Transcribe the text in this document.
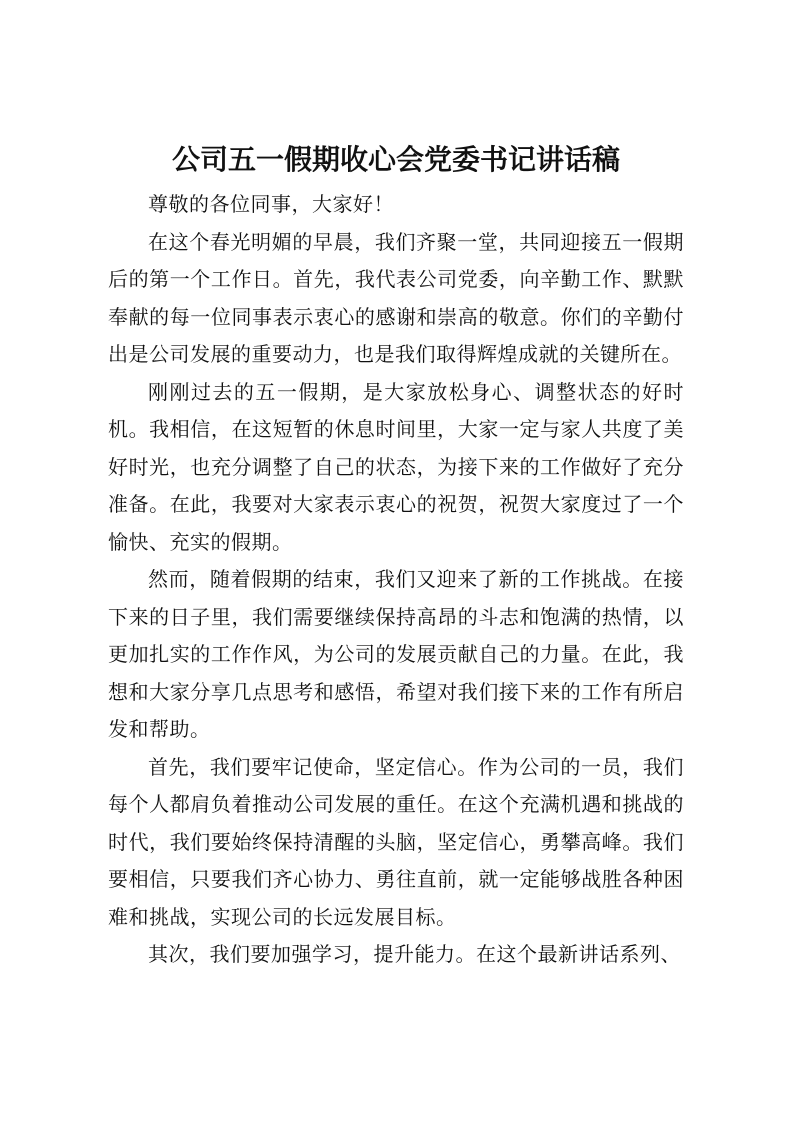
公司五一假期收心会党委书记讲话稿

尊敬的各位同事，大家好！

在这个春光明媚的早晨，我们齐聚一堂，共同迎接五一假期后的第一个工作日。首先，我代表公司党委，向辛勤工作、默默奉献的每一位同事表示衷心的感谢和崇高的敬意。你们的辛勤付出是公司发展的重要动力，也是我们取得辉煌成就的关键所在。

刚刚过去的五一假期，是大家放松身心、调整状态的好时机。我相信，在这短暂的休息时间里，大家一定与家人共度了美好时光，也充分调整了自己的状态，为接下来的工作做好了充分准备。在此，我要对大家表示衷心的祝贺，祝贺大家度过了一个愉快、充实的假期。

然而，随着假期的结束，我们又迎来了新的工作挑战。在接下来的日子里，我们需要继续保持高昂的斗志和饱满的热情，以更加扎实的工作作风，为公司的发展贡献自己的力量。在此，我想和大家分享几点思考和感悟，希望对我们接下来的工作有所启发和帮助。

首先，我们要牢记使命，坚定信心。作为公司的一员，我们每个人都肩负着推动公司发展的重任。在这个充满机遇和挑战的时代，我们要始终保持清醒的头脑，坚定信心，勇攀高峰。我们要相信，只要我们齐心协力、勇往直前，就一定能够战胜各种困难和挑战，实现公司的长远发展目标。

其次，我们要加强学习，提升能力。在这个最新讲话系列、
